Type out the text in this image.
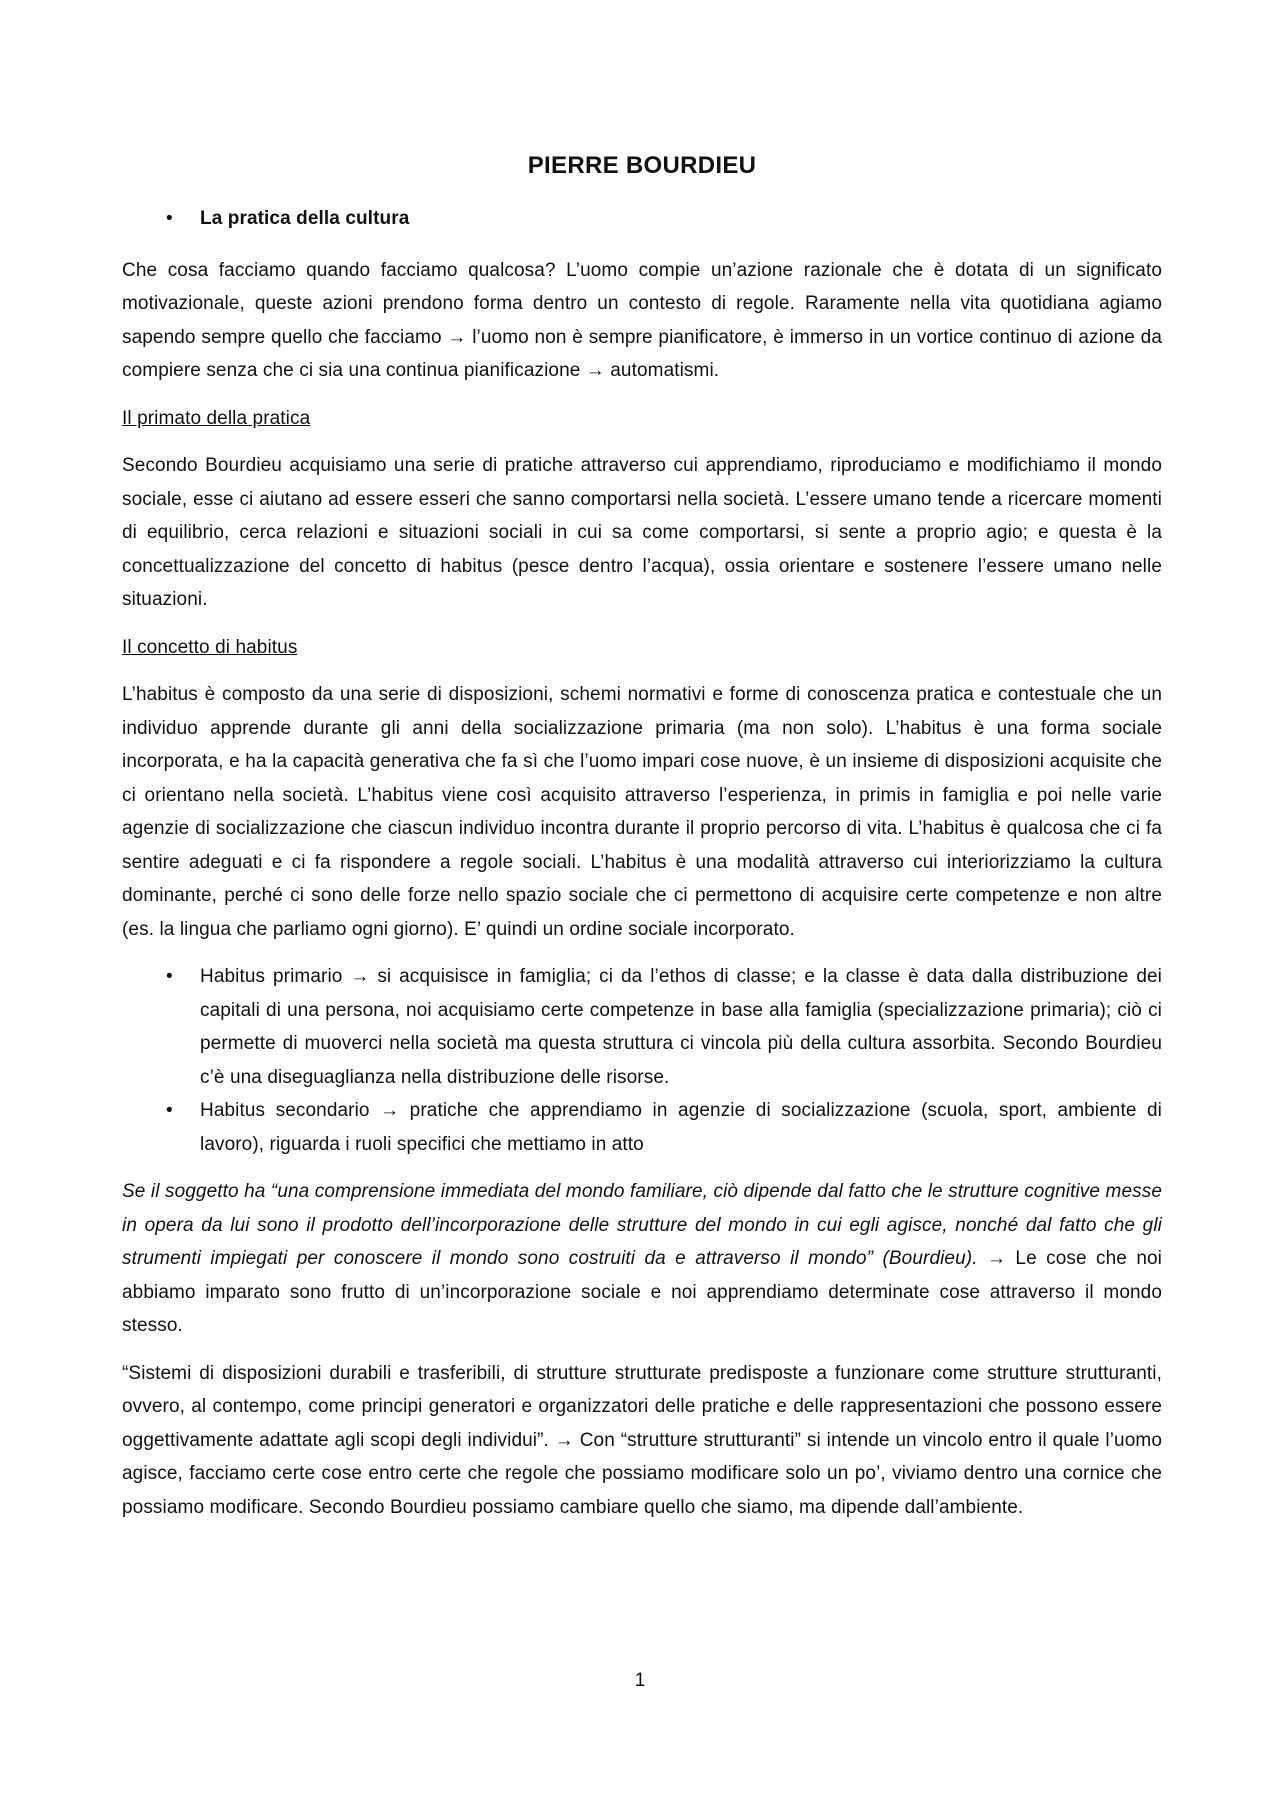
PIERRE BOURDIEU
•	La pratica della cultura

Che cosa facciamo quando facciamo qualcosa? L’uomo compie un’azione razionale che è dotata di un significato motivazionale, queste azioni prendono forma dentro un contesto di regole. Raramente nella vita quotidiana agiamo sapendo sempre quello che facciamo → l’uomo non è sempre pianificatore, è immerso in un vortice continuo di azione da compiere senza che ci sia una continua pianificazione → automatismi.

Il primato della pratica

Secondo Bourdieu acquisiamo una serie di pratiche attraverso cui apprendiamo, riproduciamo e modifichiamo il mondo sociale, esse ci aiutano ad essere esseri che sanno comportarsi nella società. L’essere umano tende a ricercare momenti di equilibrio, cerca relazioni e situazioni sociali in cui sa come comportarsi, si sente a proprio agio; e questa è la concettualizzazione del concetto di habitus (pesce dentro l’acqua), ossia orientare e sostenere l’essere umano nelle situazioni.

Il concetto di habitus

L’habitus è composto da una serie di disposizioni, schemi normativi e forme di conoscenza pratica e contestuale che un individuo apprende durante gli anni della socializzazione primaria (ma non solo). L’habitus è una forma sociale incorporata, e ha la capacità generativa che fa sì che l’uomo impari cose nuove, è un insieme di disposizioni acquisite che ci orientano nella società. L’habitus viene così acquisito attraverso l’esperienza, in primis in famiglia e poi nelle varie agenzie di socializzazione che ciascun individuo incontra durante il proprio percorso di vita. L’habitus è qualcosa che ci fa sentire adeguati e ci fa rispondere a regole sociali. L’habitus è una modalità attraverso cui interiorizziamo la cultura dominante, perché ci sono delle forze nello spazio sociale che ci permettono di acquisire certe competenze e non altre (es. la lingua che parliamo ogni giorno). E’ quindi un ordine sociale incorporato.

•	Habitus primario → si acquisisce in famiglia; ci da l’ethos di classe; e la classe è data dalla distribuzione dei capitali di una persona, noi acquisiamo certe competenze in base alla famiglia (specializzazione primaria); ciò ci permette di muoverci nella società ma questa struttura ci vincola più della cultura assorbita. Secondo Bourdieu c’è una diseguaglianza nella distribuzione delle risorse.
•	Habitus secondario → pratiche che apprendiamo in agenzie di socializzazione (scuola, sport, ambiente di lavoro), riguarda i ruoli specifici che mettiamo in atto

Se il soggetto ha “una comprensione immediata del mondo familiare, ciò dipende dal fatto che le strutture cognitive messe in opera da lui sono il prodotto dell’incorporazione delle strutture del mondo in cui egli agisce, nonché dal fatto che gli strumenti impiegati per conoscere il mondo sono costruiti da e attraverso il mondo” (Bourdieu). → Le cose che noi abbiamo imparato sono frutto di un’incorporazione sociale e noi apprendiamo determinate cose attraverso il mondo stesso.

“Sistemi di disposizioni durabili e trasferibili, di strutture strutturate predisposte a funzionare come strutture strutturanti, ovvero, al contempo, come principi generatori e organizzatori delle pratiche e delle rappresentazioni che possono essere oggettivamente adattate agli scopi degli individui”. → Con “strutture strutturanti” si intende un vincolo entro il quale l’uomo agisce, facciamo certe cose entro certe che regole che possiamo modificare solo un po’, viviamo dentro una cornice che possiamo modificare. Secondo Bourdieu possiamo cambiare quello che siamo, ma dipende dall’ambiente.

1
